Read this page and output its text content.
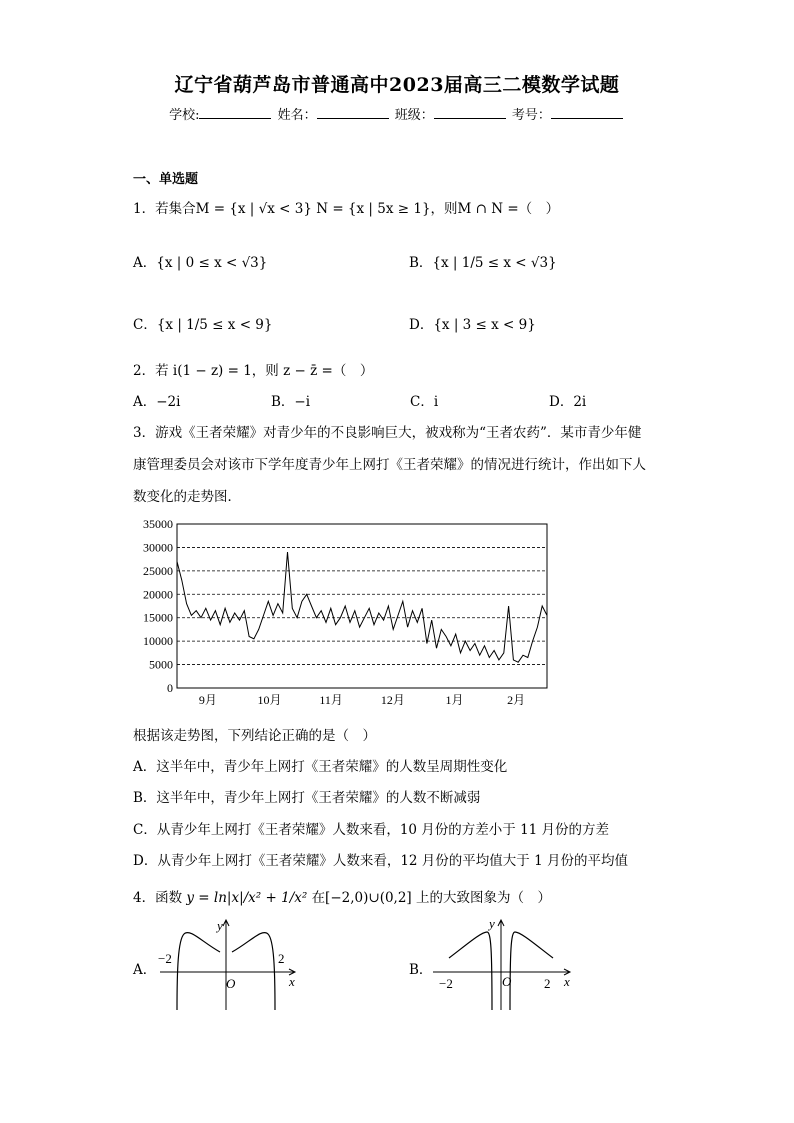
辽宁省葫芦岛市普通高中2023届高三二模数学试题
学校:	姓名：	班级：	考号：
一、单选题
1．若集合M = {x | √x < 3} N = {x | 5x ≥ 1}，则M ∩ N =（　）
A．{x | 0 ≤ x < √3}	B．{x | 1/5 ≤ x < √3}
C．{x | 1/5 ≤ x < 9}	D．{x | 3 ≤ x < 9}
2．若 i(1 − z) = 1，则 z − z̄ =（　）
A．−2i	B．−i	C．i	D．2i
3．游戏《王者荣耀》对青少年的不良影响巨大，被戏称为“王者农药”．某市青少年健
康管理委员会对该市下学年度青少年上网打《王者荣耀》的情况进行统计，作出如下人
数变化的走势图．
35000
30000
25000
20000
15000
10000
5000
0
9月	10月	11月	12月	1月	2月
根据该走势图，下列结论正确的是（　）
A．这半年中，青少年上网打《王者荣耀》的人数呈周期性变化
B．这半年中，青少年上网打《王者荣耀》的人数不断减弱
C．从青少年上网打《王者荣耀》人数来看，10 月份的方差小于 11 月份的方差
D．从青少年上网打《王者荣耀》人数来看，12 月份的平均值大于 1 月份的平均值
4．函数 y = ln|x|/x² + 1/x² 在[−2,0)∪(0,2] 上的大致图象为（　）
A．
y
x
O
−2	2
B．
y
x
O
−2	2
